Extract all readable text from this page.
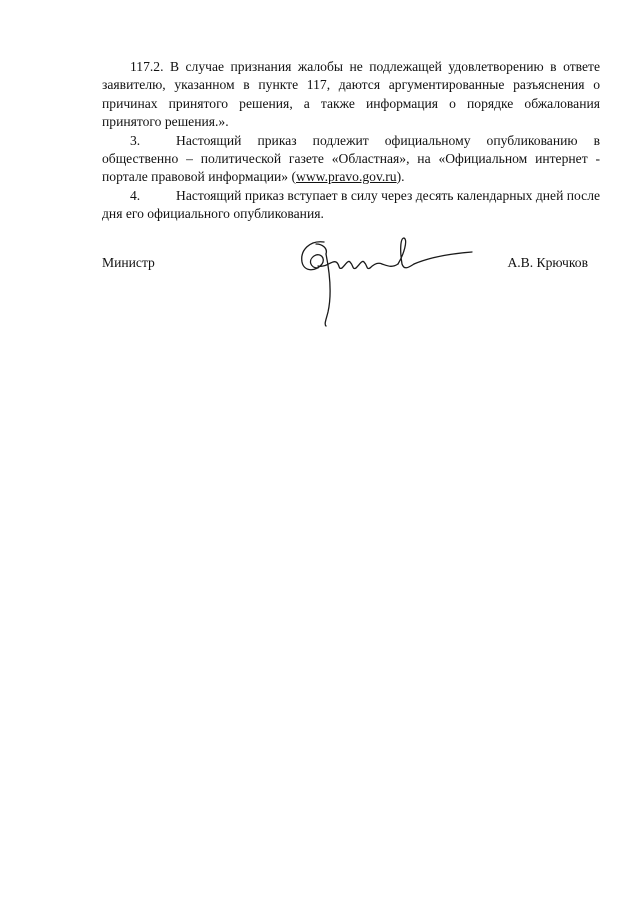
117.2. В случае признания жалобы не подлежащей удовлетворению в ответе заявителю, указанном в пункте 117, даются аргументированные разъяснения о причинах принятого решения, а также информация о порядке обжалования принятого решения.».

3.	Настоящий приказ подлежит официальному опубликованию в общественно – политической газете «Областная», на «Официальном интернет - портале правовой информации» (www.pravo.gov.ru).

4.	Настоящий приказ вступает в силу через десять календарных дней после дня его официального опубликования.

Министр	А.В. Крючков
